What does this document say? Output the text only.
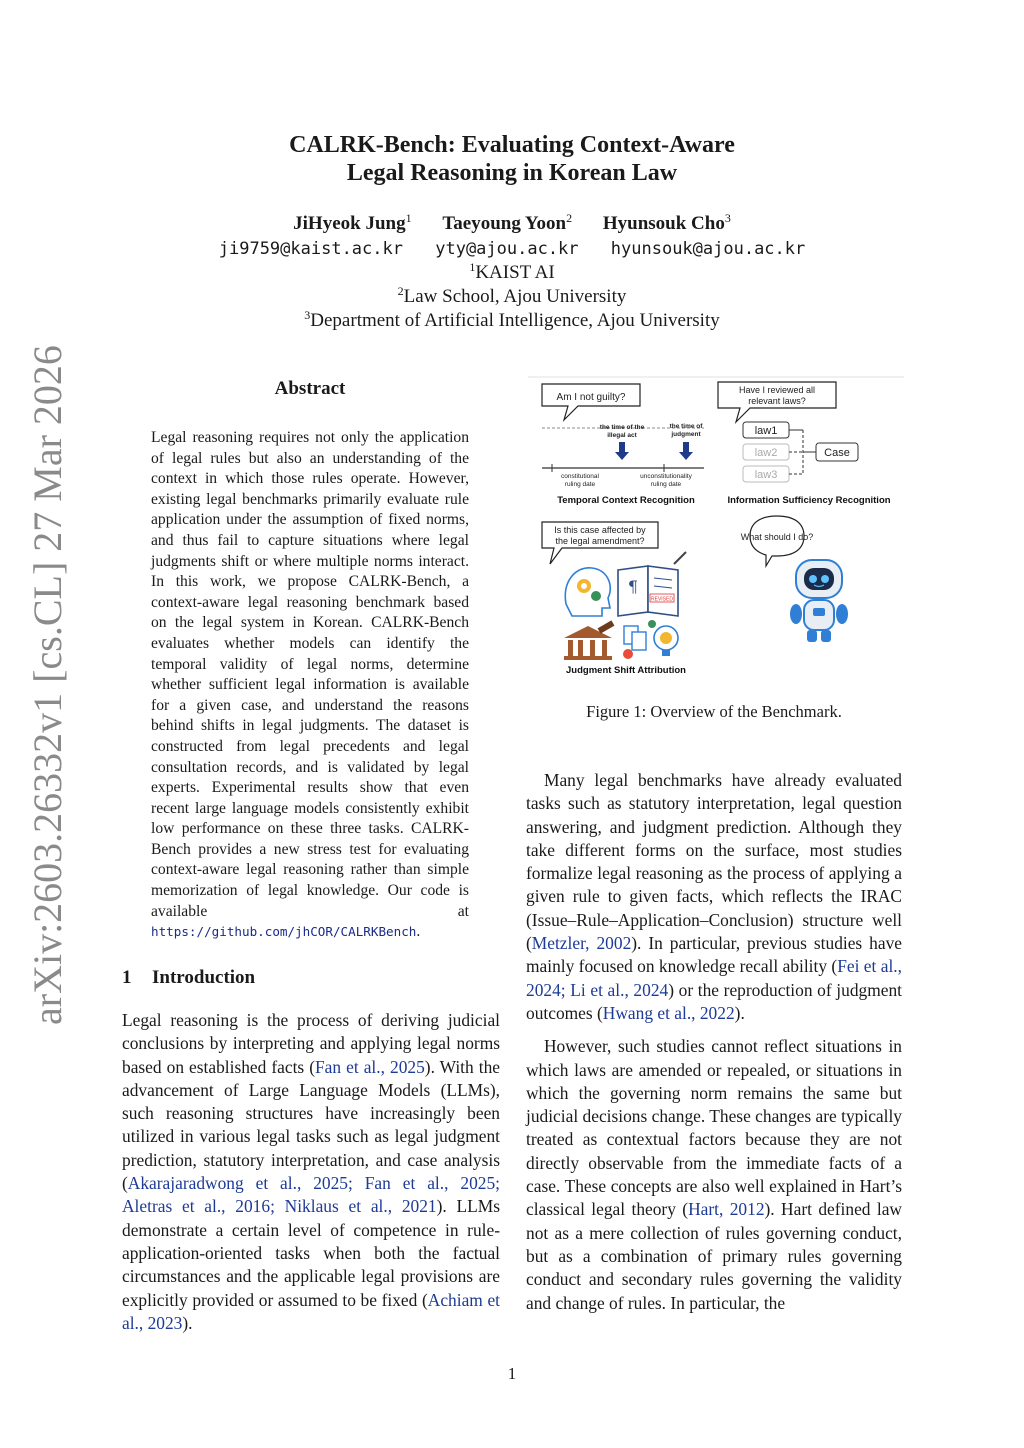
CALRK-Bench: Evaluating Context-Aware
Legal Reasoning in Korean Law
JiHyeok Jung$^1$ Taeyoung Yoon$^2$ Hyunsouk Cho$^3$
ji9759@kaist.ac.kr yty@ajou.ac.kr hyunsouk@ajou.ac.kr
$^1$KAIST AI
$^2$Law School, Ajou University
$^3$Department of Artificial Intelligence, Ajou University
arXiv:2603.26332v1 [cs.CL] 27 Mar 2026	Abstract
Legal reasoning requires not only the application of legal rules but also an understanding of the context in which those rules operate. However, existing legal benchmarks primarily evaluate rule application under the assumption of fixed norms, and thus fail to capture situations where legal judgments shift or where multiple norms interact. In this work, we propose CALRK-Bench, a context-aware legal reasoning benchmark based on the legal system in Korean. CALRK-Bench evaluates whether models can identify the temporal validity of legal norms, determine whether sufficient legal information is available for a given case, and understand the reasons behind shifts in legal judgments. The dataset is constructed from legal precedents and legal consultation records, and is validated by legal experts. Experimental results show that even recent large language models consistently exhibit low performance on these three tasks. CALRK-Bench provides a new stress test for evaluating context-aware legal reasoning rather than simple memorization of legal knowledge. Our code is available at https://github.com/jhCOR/CALRKBench.
1 Introduction

Legal reasoning is the process of deriving judicial conclusions by interpreting and applying legal norms based on established facts (Fan et al., 2025). With the advancement of Large Language Models (LLMs), such reasoning structures have increasingly been utilized in various legal tasks such as legal judgment prediction, statutory interpretation, and case analysis (Akarajaradwong et al., 2025; Fan et al., 2025; Aletras et al., 2016; Niklaus et al., 2021). LLMs demonstrate a certain level of competence in rule-application-oriented tasks when both the factual circumstances and the applicable legal provisions are explicitly provided or assumed to be fixed (Achiam et al., 2023).

Many legal benchmarks have already evaluated tasks such as statutory interpretation, legal question answering, and judgment prediction. Although they take different forms on the surface, most studies formalize legal reasoning as the process of applying a given rule to given facts, which reflects the IRAC (Issue–Rule–Application–Conclusion) structure well (Metzler, 2002). In particular, previous studies have mainly focused on knowledge recall ability (Fei et al., 2024; Li et al., 2024) or the reproduction of judgment outcomes (Hwang et al., 2022).

However, such studies cannot reflect situations in which laws are amended or repealed, or situations in which the governing norm remains the same but judicial decisions change. These changes are typically treated as contextual factors because they are not directly observable from the immediate facts of a case. These concepts are also well explained in Hart’s classical legal theory (Hart, 2012). Hart defined law not as a mere collection of rules governing conduct, but as a combination of primary rules governing conduct and secondary rules governing the validity and change of rules. In particular, the

Am I not guilty?
the time of the
illegal act
the time of
judgment
constitutional
ruling date
unconstitutionality
ruling date
Temporal Context Recognition
Have I reviewed all
relevant laws?
law1
law2
law3
Case
Information Sufficiency Recognition
Is this case affected by
the legal amendment?
¶
REVISED
Judgment Shift Attribution
What should I do?
Figure 1: Overview of the Benchmark.
1
